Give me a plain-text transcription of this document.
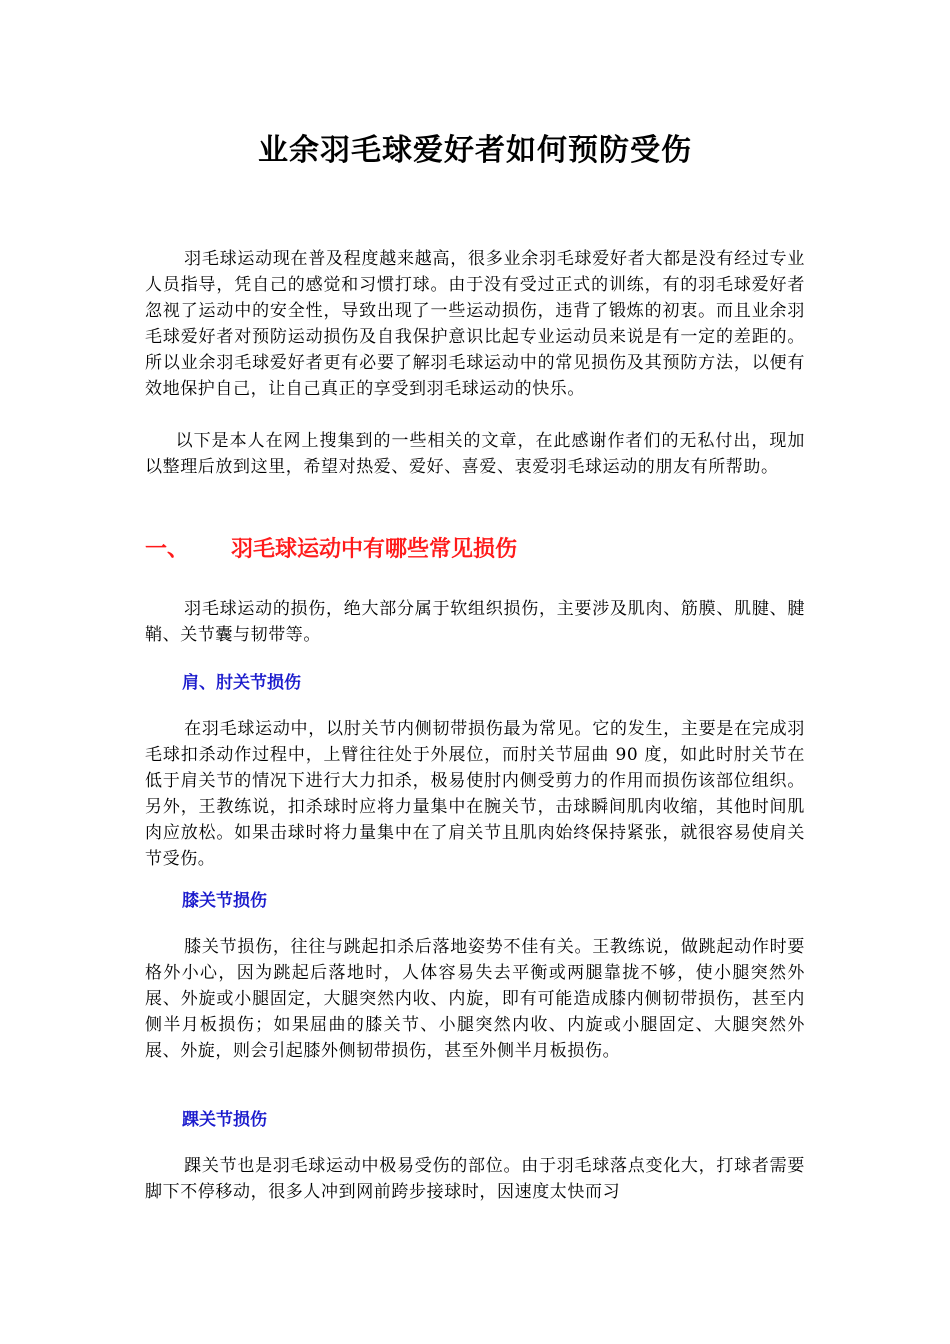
业余羽毛球爱好者如何预防受伤

羽毛球运动现在普及程度越来越高，很多业余羽毛球爱好者大都是没有经过专业人员指导，凭自己的感觉和习惯打球。由于没有受过正式的训练，有的羽毛球爱好者忽视了运动中的安全性，导致出现了一些运动损伤，违背了锻炼的初衷。而且业余羽毛球爱好者对预防运动损伤及自我保护意识比起专业运动员来说是有一定的差距的。所以业余羽毛球爱好者更有必要了解羽毛球运动中的常见损伤及其预防方法，以便有效地保护自己，让自己真正的享受到羽毛球运动的快乐。

以下是本人在网上搜集到的一些相关的文章，在此感谢作者们的无私付出，现加以整理后放到这里，希望对热爱、爱好、喜爱、衷爱羽毛球运动的朋友有所帮助。

一、 羽毛球运动中有哪些常见损伤

羽毛球运动的损伤，绝大部分属于软组织损伤，主要涉及肌肉、筋膜、肌腱、腱鞘、关节囊与韧带等。

肩、肘关节损伤

在羽毛球运动中，以肘关节内侧韧带损伤最为常见。它的发生，主要是在完成羽毛球扣杀动作过程中，上臂往往处于外展位，而肘关节屈曲 90 度，如此时肘关节在低于肩关节的情况下进行大力扣杀，极易使肘内侧受剪力的作用而损伤该部位组织。另外，王教练说，扣杀球时应将力量集中在腕关节，击球瞬间肌肉收缩，其他时间肌肉应放松。如果击球时将力量集中在了肩关节且肌肉始终保持紧张，就很容易使肩关节受伤。

膝关节损伤

膝关节损伤，往往与跳起扣杀后落地姿势不佳有关。王教练说，做跳起动作时要格外小心，因为跳起后落地时，人体容易失去平衡或两腿靠拢不够，使小腿突然外展、外旋或小腿固定，大腿突然内收、内旋，即有可能造成膝内侧韧带损伤，甚至内侧半月板损伤；如果屈曲的膝关节、小腿突然内收、内旋或小腿固定、大腿突然外展、外旋，则会引起膝外侧韧带损伤，甚至外侧半月板损伤。

踝关节损伤

踝关节也是羽毛球运动中极易受伤的部位。由于羽毛球落点变化大，打球者需要脚下不停移动，很多人冲到网前跨步接球时，因速度太快而习
